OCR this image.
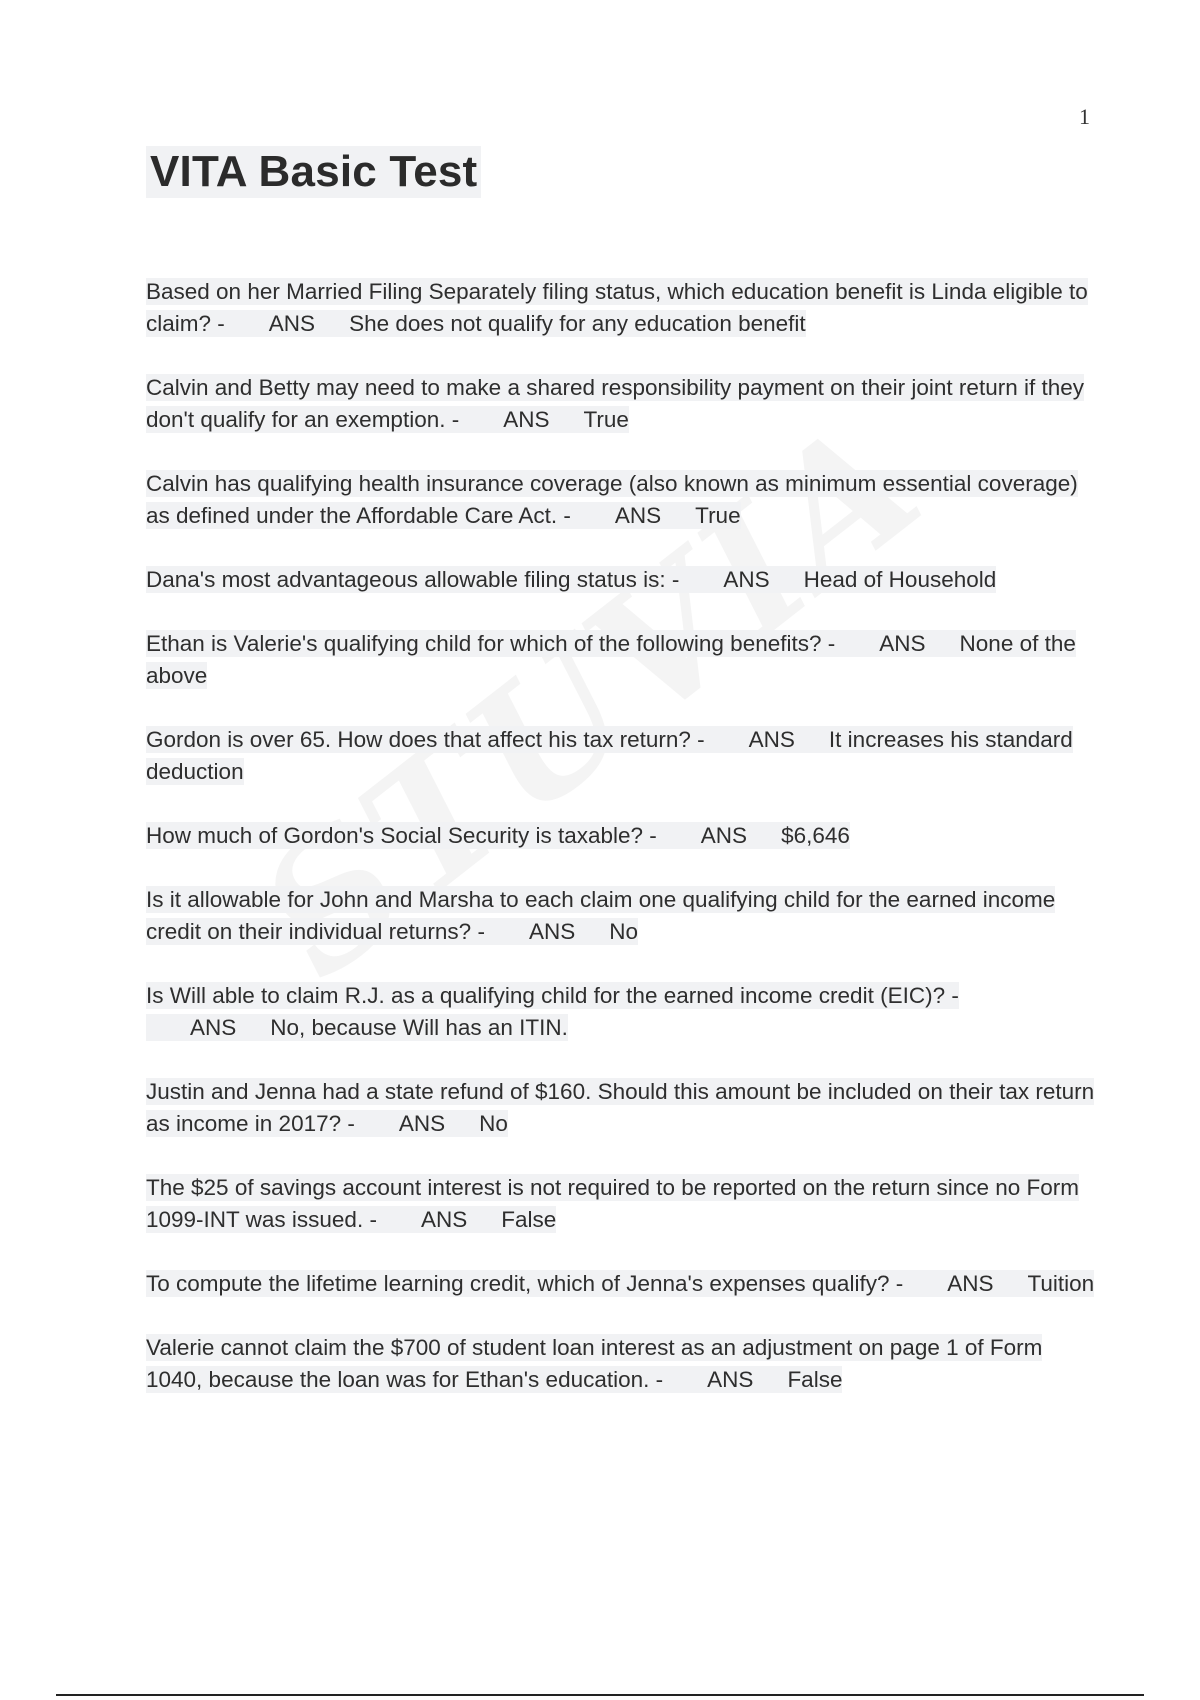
1
VITA Basic Test
Based on her Married Filing Separately filing status, which education benefit is Linda eligible to claim? - ANS She does not qualify for any education benefit
Calvin and Betty may need to make a shared responsibility payment on their joint return if they don't qualify for an exemption. - ANS True
Calvin has qualifying health insurance coverage (also known as minimum essential coverage) as defined under the Affordable Care Act. - ANS True
Dana's most advantageous allowable filing status is: - ANS Head of Household
Ethan is Valerie's qualifying child for which of the following benefits? - ANS None of the above
Gordon is over 65. How does that affect his tax return? - ANS It increases his standard deduction
How much of Gordon's Social Security is taxable? - ANS $6,646
Is it allowable for John and Marsha to each claim one qualifying child for the earned income credit on their individual returns? - ANS No
Is Will able to claim R.J. as a qualifying child for the earned income credit (EIC)? -ANS No, because Will has an ITIN.
Justin and Jenna had a state refund of $160. Should this amount be included on their tax return as income in 2017? - ANS No
The $25 of savings account interest is not required to be reported on the return since no Form 1099-INT was issued. - ANS False
To compute the lifetime learning credit, which of Jenna's expenses qualify? - ANS Tuition
Valerie cannot claim the $700 of student loan interest as an adjustment on page 1 of Form 1040, because the loan was for Ethan's education. - ANS False
